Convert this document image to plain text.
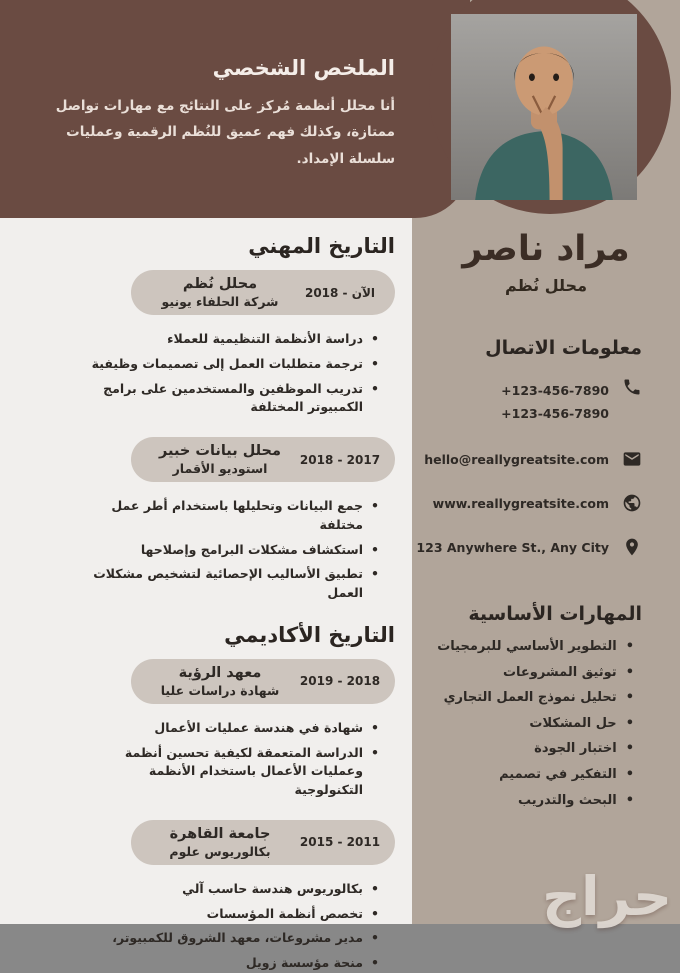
الملخص الشخصي

أنا محلل أنظمة مُركز على النتائج مع مهارات تواصل ممتازة، وكذلك فهم عميق للنُظم الرقمية وعمليات سلسلة الإمداد.

التاريخ المهني
الآن - 2018
محلل نُظم
شركة الحلفاء يونيو
•
دراسة الأنظمة التنظيمية للعملاء
•
ترجمة متطلبات العمل إلى تصميمات وظيفية
•
تدريب الموظفين والمستخدمين على برامج الكمبيوتر المختلفة
2018 - 2017
محلل بيانات خبير
استوديو الأقمار
•
جمع البيانات وتحليلها باستخدام أطر عمل مختلفة
•
استكشاف مشكلات البرامج وإصلاحها
•
تطبيق الأساليب الإحصائية لتشخيص مشكلات العمل
التاريخ الأكاديمي
2019 - 2018
معهد الرؤية
شهادة دراسات عليا
•
شهادة في هندسة عمليات الأعمال
•
الدراسة المتعمقة لكيفية تحسين أنظمة وعمليات الأعمال باستخدام الأنظمة التكنولوجية
2015 - 2011
جامعة القاهرة
بكالوريوس علوم
•
بكالوريوس هندسة حاسب آلي
•
تخصص أنظمة المؤسسات
•
مدير مشروعات، معهد الشروق للكمبيوتر،
•
منحة مؤسسة زويل
مراد ناصر
محلل نُظم
معلومات الاتصال
+123-456-7890
+123-456-7890
hello@reallygreatsite.com
www.reallygreatsite.com
123 Anywhere St., Any City
المهارات الأساسية
•
التطوير الأساسي للبرمجيات
•
توثيق المشروعات
•
تحليل نموذج العمل التجاري
•
حل المشكلات
•
اختبار الجودة
•
التفكير في تصميم
•
البحث والتدريب
حراج
